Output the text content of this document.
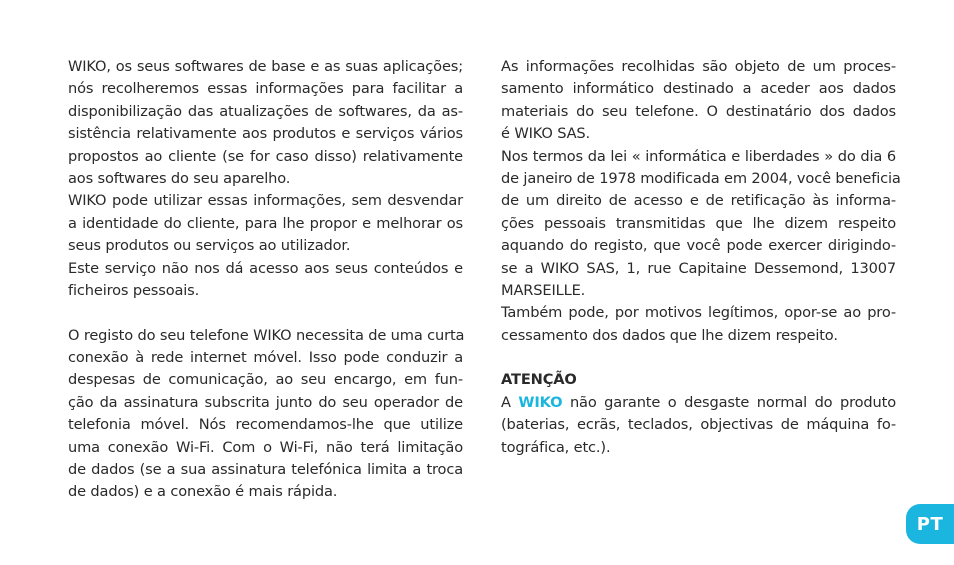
WIKO, os seus softwares de base e as suas aplicações;
nós recolheremos essas informações para facilitar a
disponibilização das atualizações de softwares, da as-
sistência relativamente aos produtos e serviços vários
propostos ao cliente (se for caso disso) relativamente
aos softwares do seu aparelho.
WIKO pode utilizar essas informações, sem desvendar
a identidade do cliente, para lhe propor e melhorar os
seus produtos ou serviços ao utilizador.
Este serviço não nos dá acesso aos seus conteúdos e
ficheiros pessoais.
O registo do seu telefone WIKO necessita de uma curta
conexão à rede internet móvel. Isso pode conduzir a
despesas de comunicação, ao seu encargo, em fun-
ção da assinatura subscrita junto do seu operador de
telefonia móvel. Nós recomendamos-lhe que utilize
uma conexão Wi-Fi. Com o Wi-Fi, não terá limitação
de dados (se a sua assinatura telefónica limita a troca
de dados) e a conexão é mais rápida.
As informações recolhidas são objeto de um proces-
samento informático destinado a aceder aos dados
materiais do seu telefone. O destinatário dos dados
é WIKO SAS.
Nos termos da lei « informática e liberdades » do dia 6
de janeiro de 1978 modificada em 2004, você beneficia
de um direito de acesso e de retificação às informa-
ções pessoais transmitidas que lhe dizem respeito
aquando do registo, que você pode exercer dirigindo-
se a WIKO SAS, 1, rue Capitaine Dessemond, 13007
MARSEILLE.
Também pode, por motivos legítimos, opor-se ao pro-
cessamento dos dados que lhe dizem respeito.
ATENÇÃO
A WIKO não garante o desgaste normal do produto
(baterias, ecrãs, teclados, objectivas de máquina fo-
tográfica, etc.).
PT
